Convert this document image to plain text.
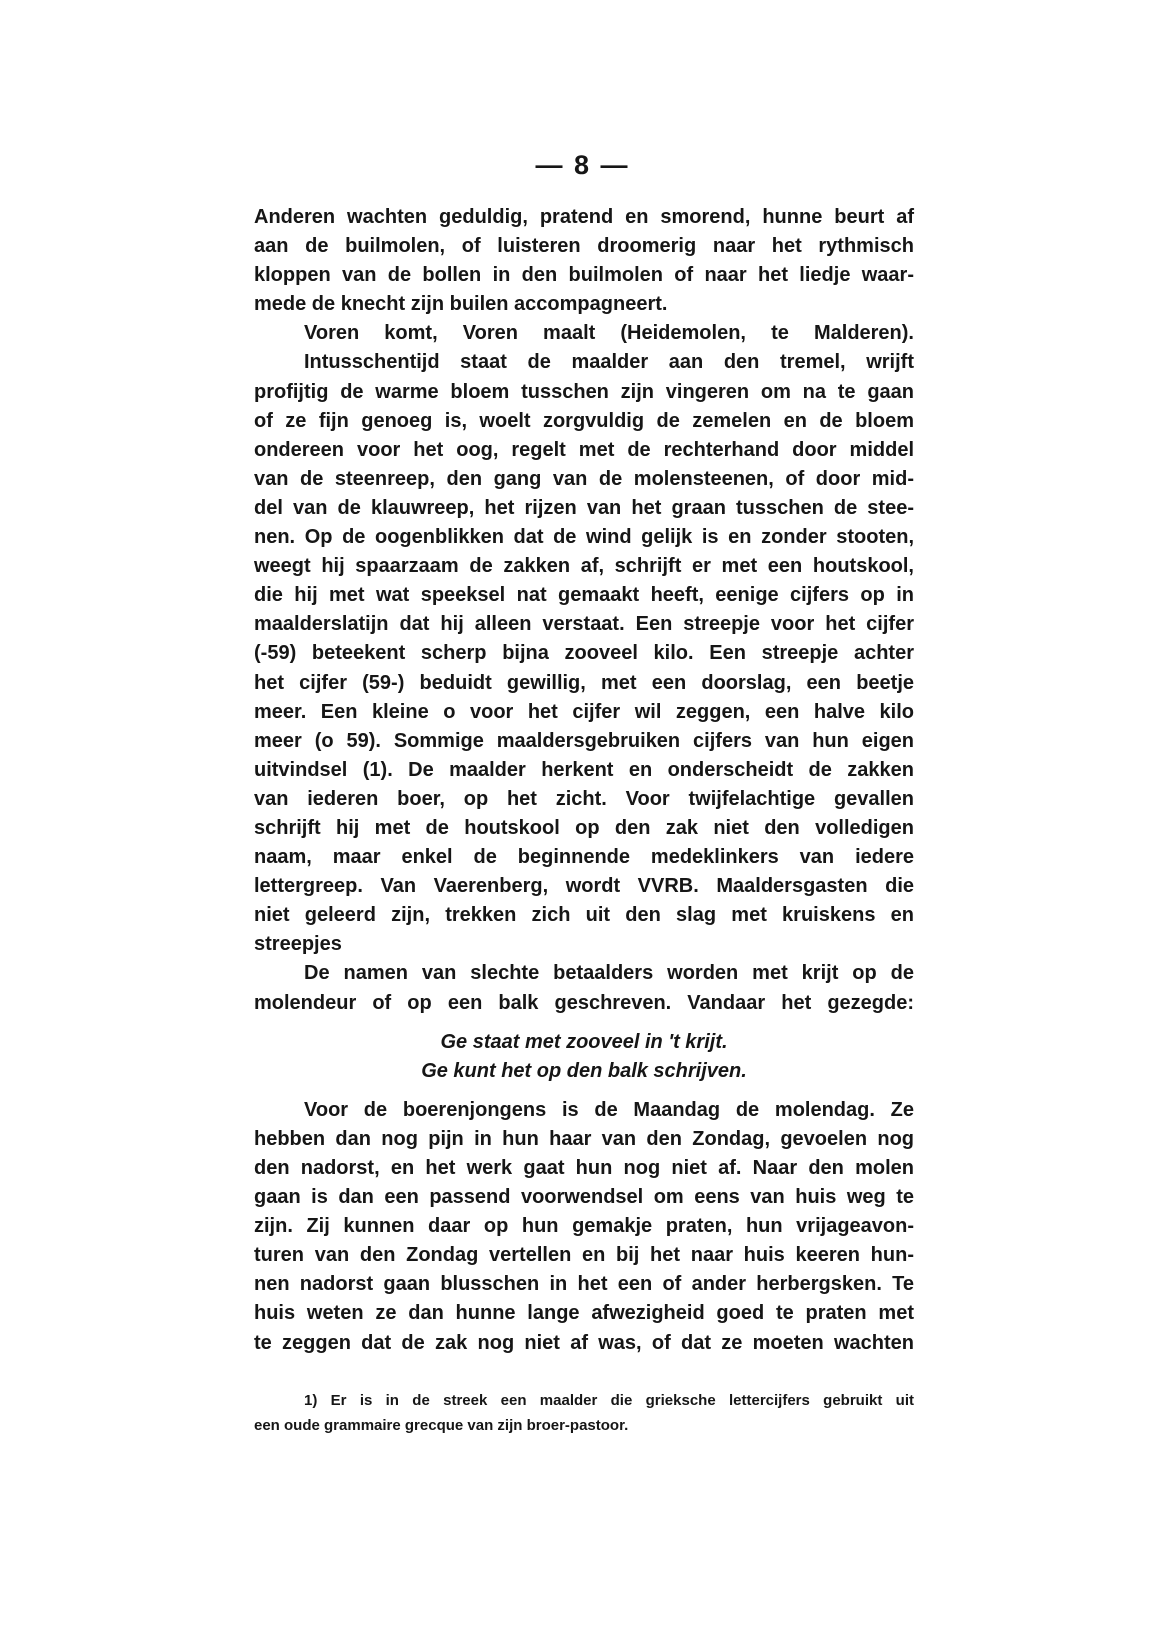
— 8 —
Anderen wachten geduldig, pratend en smorend, hunne beurt af
aan de builmolen, of luisteren droomerig naar het rythmisch
kloppen van de bollen in den builmolen of naar het liedje waar-
mede de knecht zijn builen accompagneert.
Voren komt, Voren maalt (Heidemolen, te Malderen).
Intusschentijd staat de maalder aan den tremel, wrijft
profijtig de warme bloem tusschen zijn vingeren om na te gaan
of ze fijn genoeg is, woelt zorgvuldig de zemelen en de bloem
ondereen voor het oog, regelt met de rechterhand door middel
van de steenreep, den gang van de molensteenen, of door mid-
del van de klauwreep, het rijzen van het graan tusschen de stee-
nen. Op de oogenblikken dat de wind gelijk is en zonder stooten,
weegt hij spaarzaam de zakken af, schrijft er met een houtskool,
die hij met wat speeksel nat gemaakt heeft, eenige cijfers op in
maalderslatijn dat hij alleen verstaat. Een streepje voor het cijfer
(-59) beteekent scherp bijna zooveel kilo. Een streepje achter
het cijfer (59-) beduidt gewillig, met een doorslag, een beetje
meer. Een kleine o voor het cijfer wil zeggen, een halve kilo
meer (o 59). Sommige maaldersgebruiken cijfers van hun eigen
uitvindsel (1). De maalder herkent en onderscheidt de zakken
van iederen boer, op het zicht. Voor twijfelachtige gevallen
schrijft hij met de houtskool op den zak niet den volledigen
naam, maar enkel de beginnende medeklinkers van iedere
lettergreep. Van Vaerenberg, wordt VVRB. Maaldersgasten die
niet geleerd zijn, trekken zich uit den slag met kruiskens en
streepjes
De namen van slechte betaalders worden met krijt op de
molendeur of op een balk geschreven. Vandaar het gezegde:
Ge staat met zooveel in 't krijt.
Ge kunt het op den balk schrijven.
Voor de boerenjongens is de Maandag de molendag. Ze
hebben dan nog pijn in hun haar van den Zondag, gevoelen nog
den nadorst, en het werk gaat hun nog niet af. Naar den molen
gaan is dan een passend voorwendsel om eens van huis weg te
zijn. Zij kunnen daar op hun gemakje praten, hun vrijageavon-
turen van den Zondag vertellen en bij het naar huis keeren hun-
nen nadorst gaan blusschen in het een of ander herbergsken. Te
huis weten ze dan hunne lange afwezigheid goed te praten met
te zeggen dat de zak nog niet af was, of dat ze moeten wachten
1) Er is in de streek een maalder die grieksche lettercijfers gebruikt uit
een oude grammaire grecque van zijn broer-pastoor.
